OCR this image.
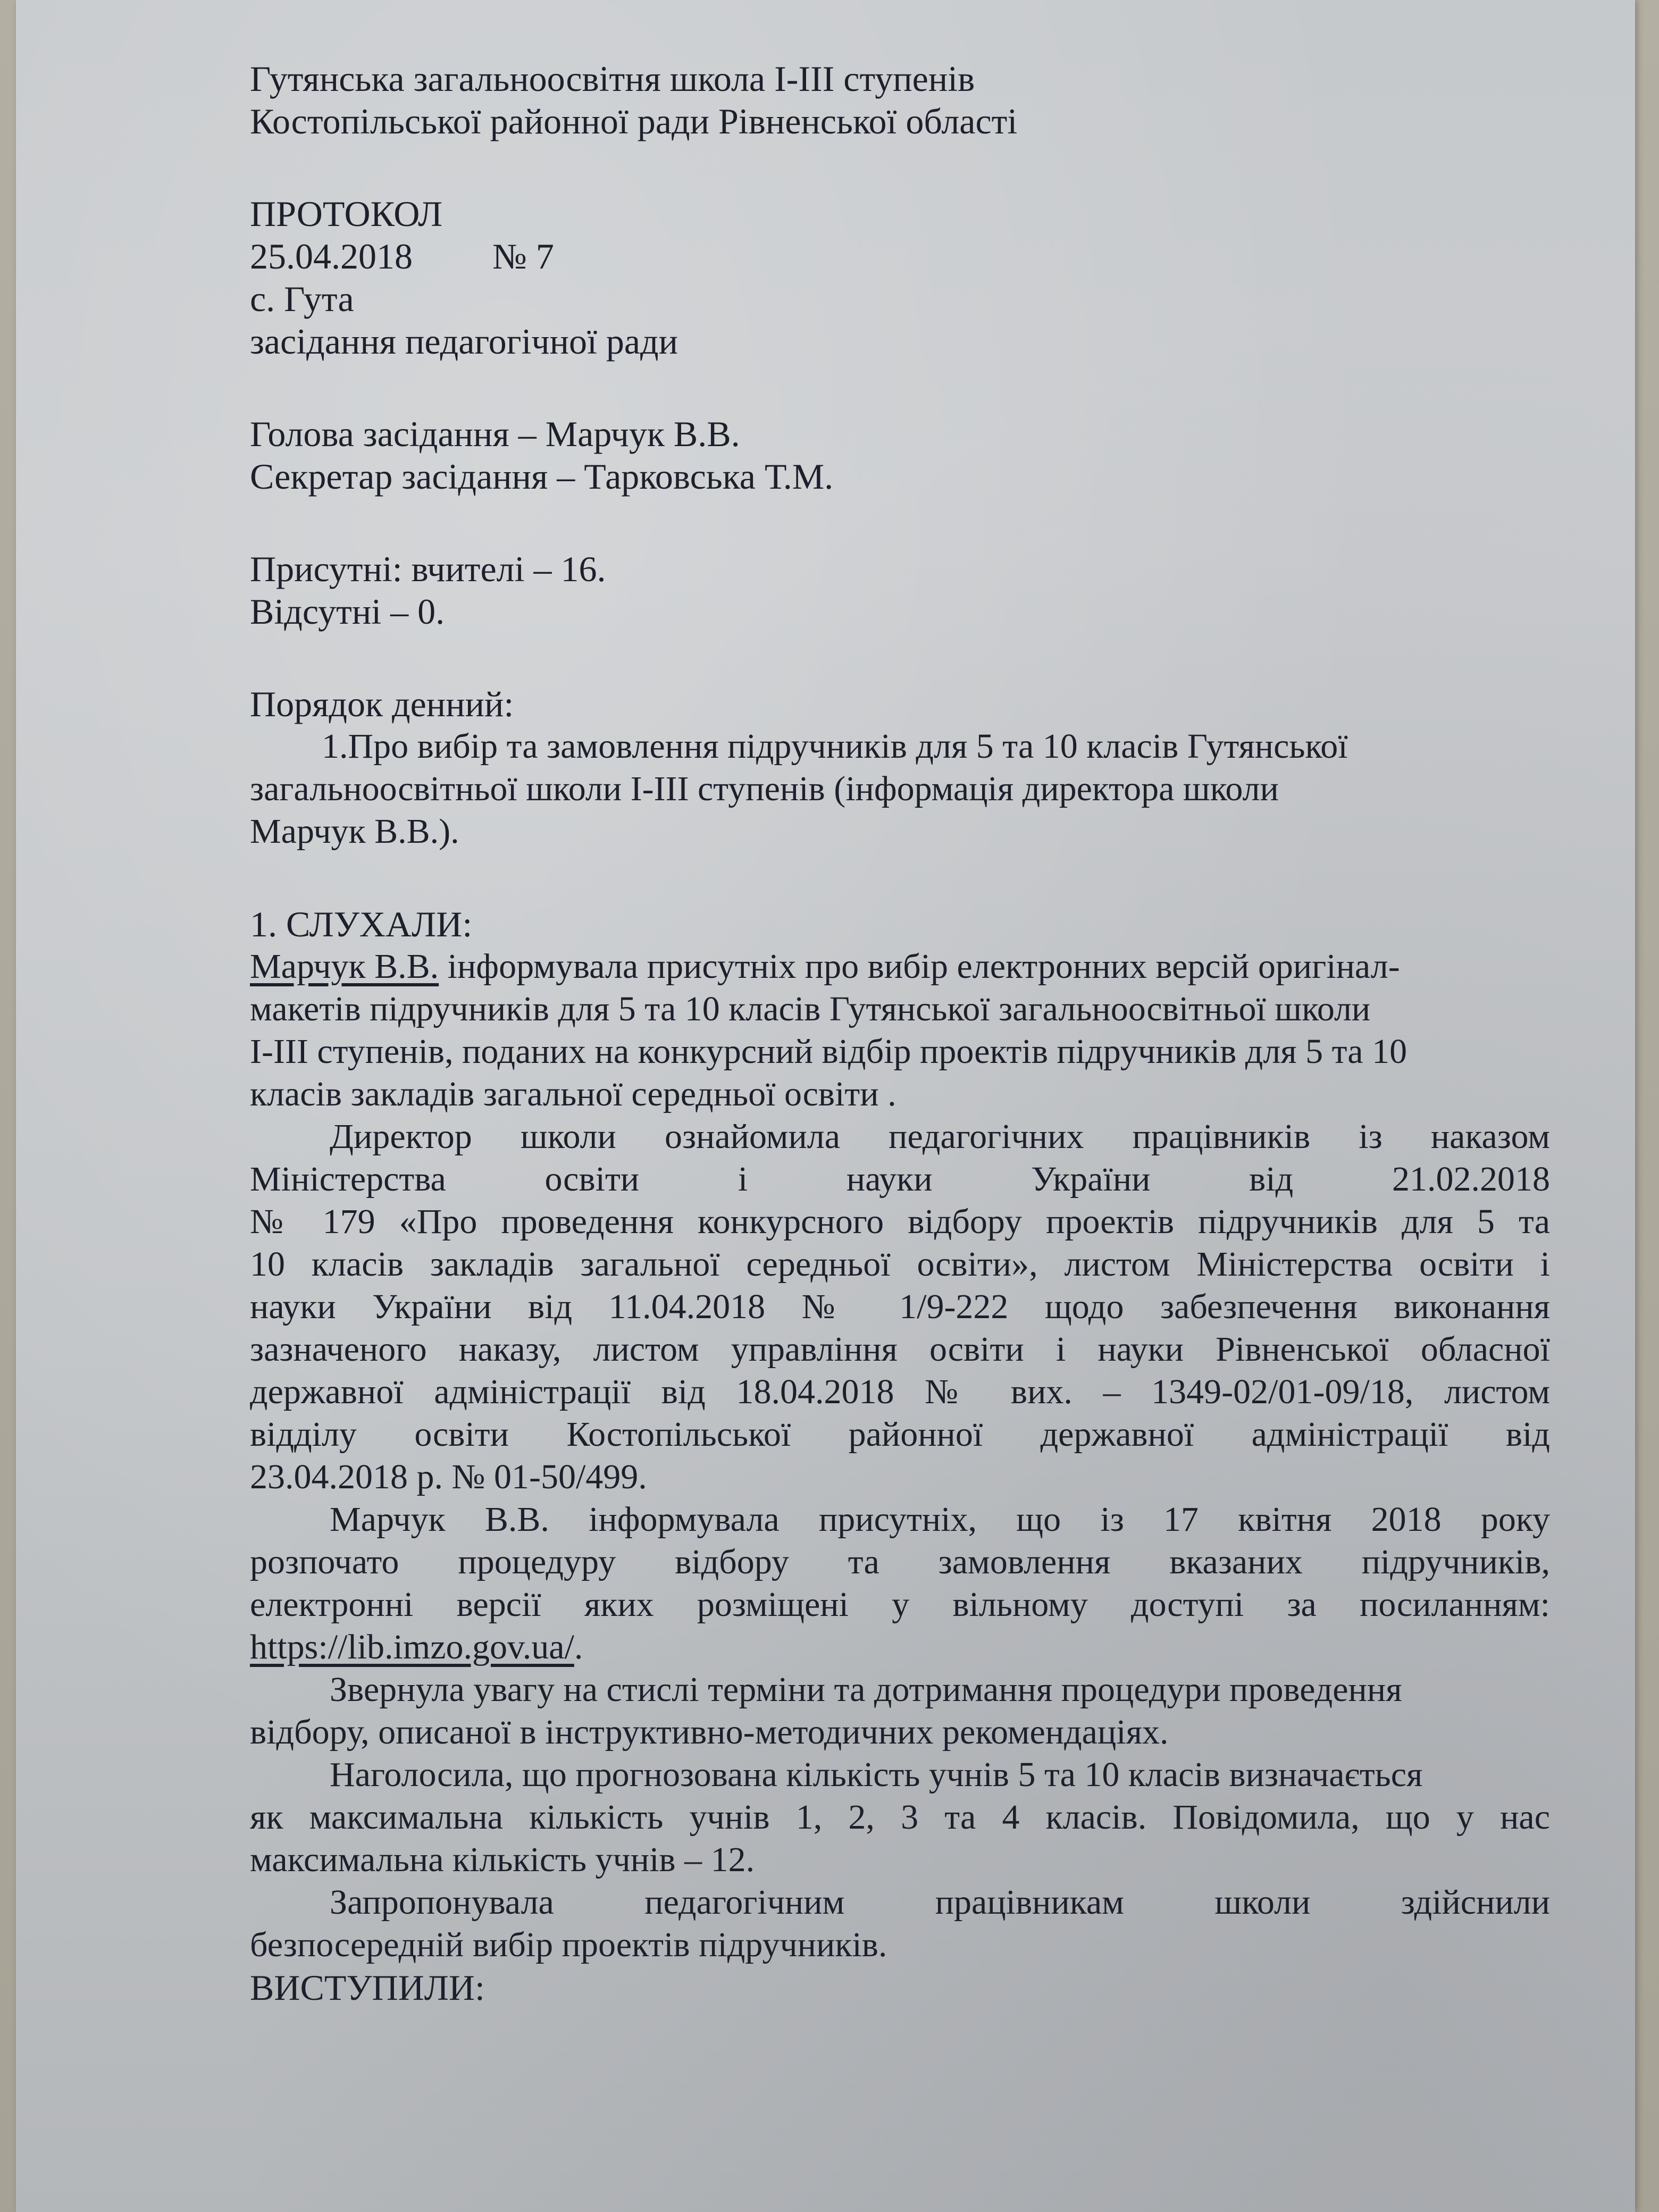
Гутянська загальноосвітня школа І-ІІІ ступенів
Костопільської районної ради Рівненської області
ПРОТОКОЛ
25.04.2018 № 7
с. Гута
засідання педагогічної ради
Голова засідання – Марчук В.В.
Секретар засідання – Тарковська Т.М.
Присутні: вчителі – 16.
Відсутні – 0.
Порядок денний:
1.Про вибір та замовлення підручників для 5 та 10 класів Гутянської
загальноосвітньої школи І-ІІІ ступенів (інформація директора школи
Марчук В.В.).
1. СЛУХАЛИ:
Марчук В.В. інформувала присутніх про вибір електронних версій оригінал-
макетів підручників для 5 та 10 класів Гутянської загальноосвітньої школи
І-ІІІ ступенів, поданих на конкурсний відбір проектів підручників для 5 та 10
класів закладів загальної середньої освіти .
Директор школи ознайомила педагогічних працівників із наказом
Міністерства	освіти	і	науки	України	від	21.02.2018
№ 179 «Про проведення конкурсного відбору проектів підручників для 5 та
10 класів закладів загальної середньої освіти», листом Міністерства освіти і
науки України від 11.04.2018 № 1/9-222 щодо забезпечення виконання
зазначеного наказу, листом управління освіти і науки Рівненської обласної
державної адміністрації від 18.04.2018 № вих. – 1349-02/01-09/18, листом
відділу освіти Костопільської районної державної адміністрації від
23.04.2018 р. № 01-50/499.
Марчук В.В. інформувала присутніх, що із 17 квітня 2018 року
розпочато процедуру відбору та замовлення вказаних підручників,
електронні версії яких розміщені у вільному доступі за посиланням:
https://lib.imzo.gov.ua/.
Звернула увагу на стислі терміни та дотримання процедури проведення
відбору, описаної в інструктивно-методичних рекомендаціях.
Наголосила, що прогнозована кількість учнів 5 та 10 класів визначається
як максимальна кількість учнів 1, 2, 3 та 4 класів. Повідомила, що у нас
максимальна кількість учнів – 12.
Запропонувала педагогічним працівникам школи здійснили
безпосередній вибір проектів підручників.
ВИСТУПИЛИ:
